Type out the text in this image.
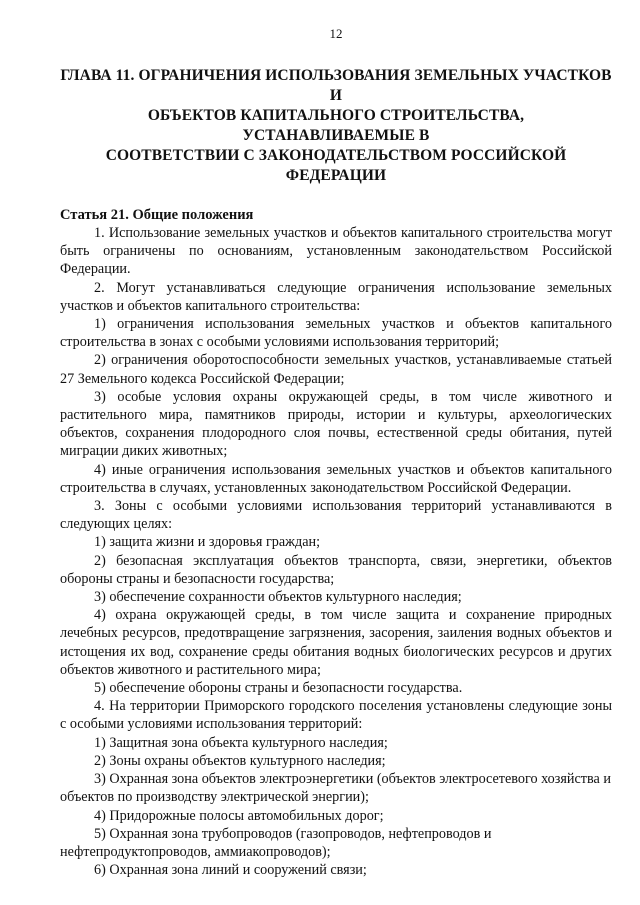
12
ГЛАВА 11. ОГРАНИЧЕНИЯ ИСПОЛЬЗОВАНИЯ ЗЕМЕЛЬНЫХ УЧАСТКОВ И
ОБЪЕКТОВ КАПИТАЛЬНОГО СТРОИТЕЛЬСТВА, УСТАНАВЛИВАЕМЫЕ В
СООТВЕТСТВИИ С ЗАКОНОДАТЕЛЬСТВОМ РОССИЙСКОЙ ФЕДЕРАЦИИ
Статья 21. Общие положения

1. Использование земельных участков и объектов капитального строительства могут быть ограничены по основаниям, установленным законодательством Российской Федерации.

2. Могут устанавливаться следующие ограничения использование земельных участков и объектов капитального строительства:

1) ограничения использования земельных участков и объектов капитального строительства в зонах с особыми условиями использования территорий;

2) ограничения оборотоспособности земельных участков, устанавливаемые статьей 27 Земельного кодекса Российской Федерации;

3) особые условия охраны окружающей среды, в том числе животного и растительного мира, памятников природы, истории и культуры, археологических объектов, сохранения плодородного слоя почвы, естественной среды обитания, путей миграции диких животных;

4) иные ограничения использования земельных участков и объектов капитального строительства в случаях, установленных законодательством Российской Федерации.

3. Зоны с особыми условиями использования территорий устанавливаются в следующих целях:

1) защита жизни и здоровья граждан;

2) безопасная эксплуатация объектов транспорта, связи, энергетики, объектов обороны страны и безопасности государства;

3) обеспечение сохранности объектов культурного наследия;

4) охрана окружающей среды, в том числе защита и сохранение природных лечебных ресурсов, предотвращение загрязнения, засорения, заиления водных объектов и истощения их вод, сохранение среды обитания водных биологических ресурсов и других объектов животного и растительного мира;

5) обеспечение обороны страны и безопасности государства.

4. На территории Приморского городского поселения установлены следующие зоны с особыми условиями использования территорий:

1) Защитная зона объекта культурного наследия;

2) Зоны охраны объектов культурного наследия;

3) Охранная зона объектов электроэнергетики (объектов электросетевого хозяйства и объектов по производству электрической энергии);

4) Придорожные полосы автомобильных дорог;

5) Охранная зона трубопроводов (газопроводов, нефтепроводов и нефтепродуктопроводов, аммиакопроводов);

6) Охранная зона линий и сооружений связи;
